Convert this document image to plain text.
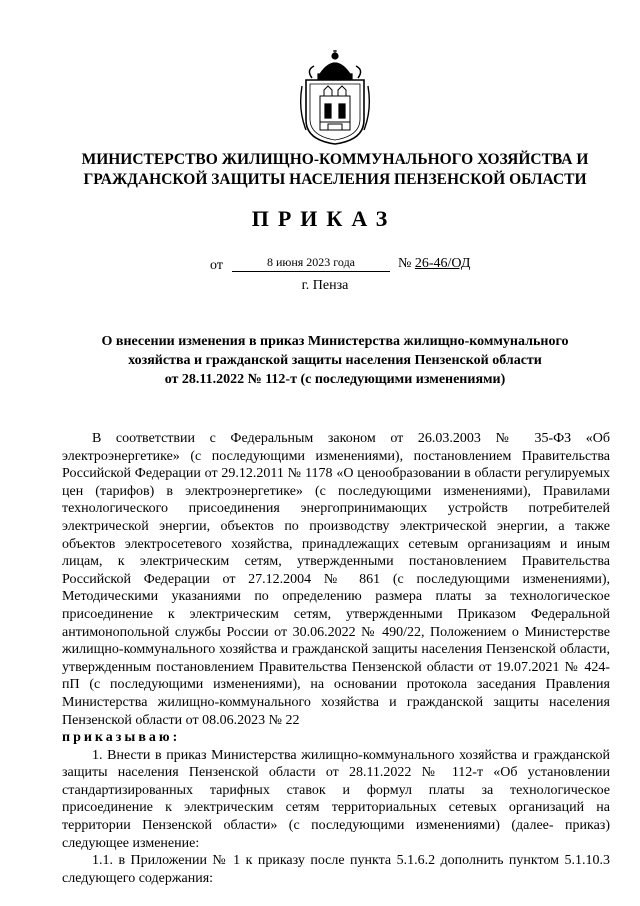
МИНИСТЕРСТВО ЖИЛИЩНО-КОММУНАЛЬНОГО ХОЗЯЙСТВА И
ГРАЖДАНСКОЙ ЗАЩИТЫ НАСЕЛЕНИЯ ПЕНЗЕНСКОЙ ОБЛАСТИ
ПРИКАЗ
от	8 июня 2023 года	№ 26-46/ОД
г. Пенза
О внесении изменения в приказ Министерства жилищно-коммунального
хозяйства и гражданской защиты населения Пензенской области
от 28.11.2022 № 112-т (с последующими изменениями)

В соответствии с Федеральным законом от 26.03.2003 № 35-ФЗ «Об электроэнергетике» (с последующими изменениями), постановлением Правительства Российской Федерации от 29.12.2011 № 1178 «О ценообразовании в области регулируемых цен (тарифов) в электроэнергетике» (с последующими изменениями), Правилами технологического присоединения энергопринимающих устройств потребителей электрической энергии, объектов по производству электрической энергии, а также объектов электросетевого хозяйства, принадлежащих сетевым организациям и иным лицам, к электрическим сетям, утвержденными постановлением Правительства Российской Федерации от 27.12.2004 № 861 (с последующими изменениями), Методическими указаниями по определению размера платы за технологическое присоединение к электрическим сетям, утвержденными Приказом Федеральной антимонопольной службы России от 30.06.2022 № 490/22, Положением о Министерстве жилищно-коммунального хозяйства и гражданской защиты населения Пензенской области, утвержденным постановлением Правительства Пензенской области от 19.07.2021 № 424-пП (с последующими изменениями), на основании протокола заседания Правления Министерства жилищно-коммунального хозяйства и гражданской защиты населения Пензенской области от 08.06.2023 № 22

приказываю:

1. Внести в приказ Министерства жилищно-коммунального хозяйства и гражданской защиты населения Пензенской области от 28.11.2022 № 112-т «Об установлении стандартизированных тарифных ставок и формул платы за технологическое присоединение к электрическим сетям территориальных сетевых организаций на территории Пензенской области» (с последующими изменениями) (далее- приказ) следующее изменение:

1.1. в Приложении № 1 к приказу после пункта 5.1.6.2 дополнить пунктом 5.1.10.3 следующего содержания:
